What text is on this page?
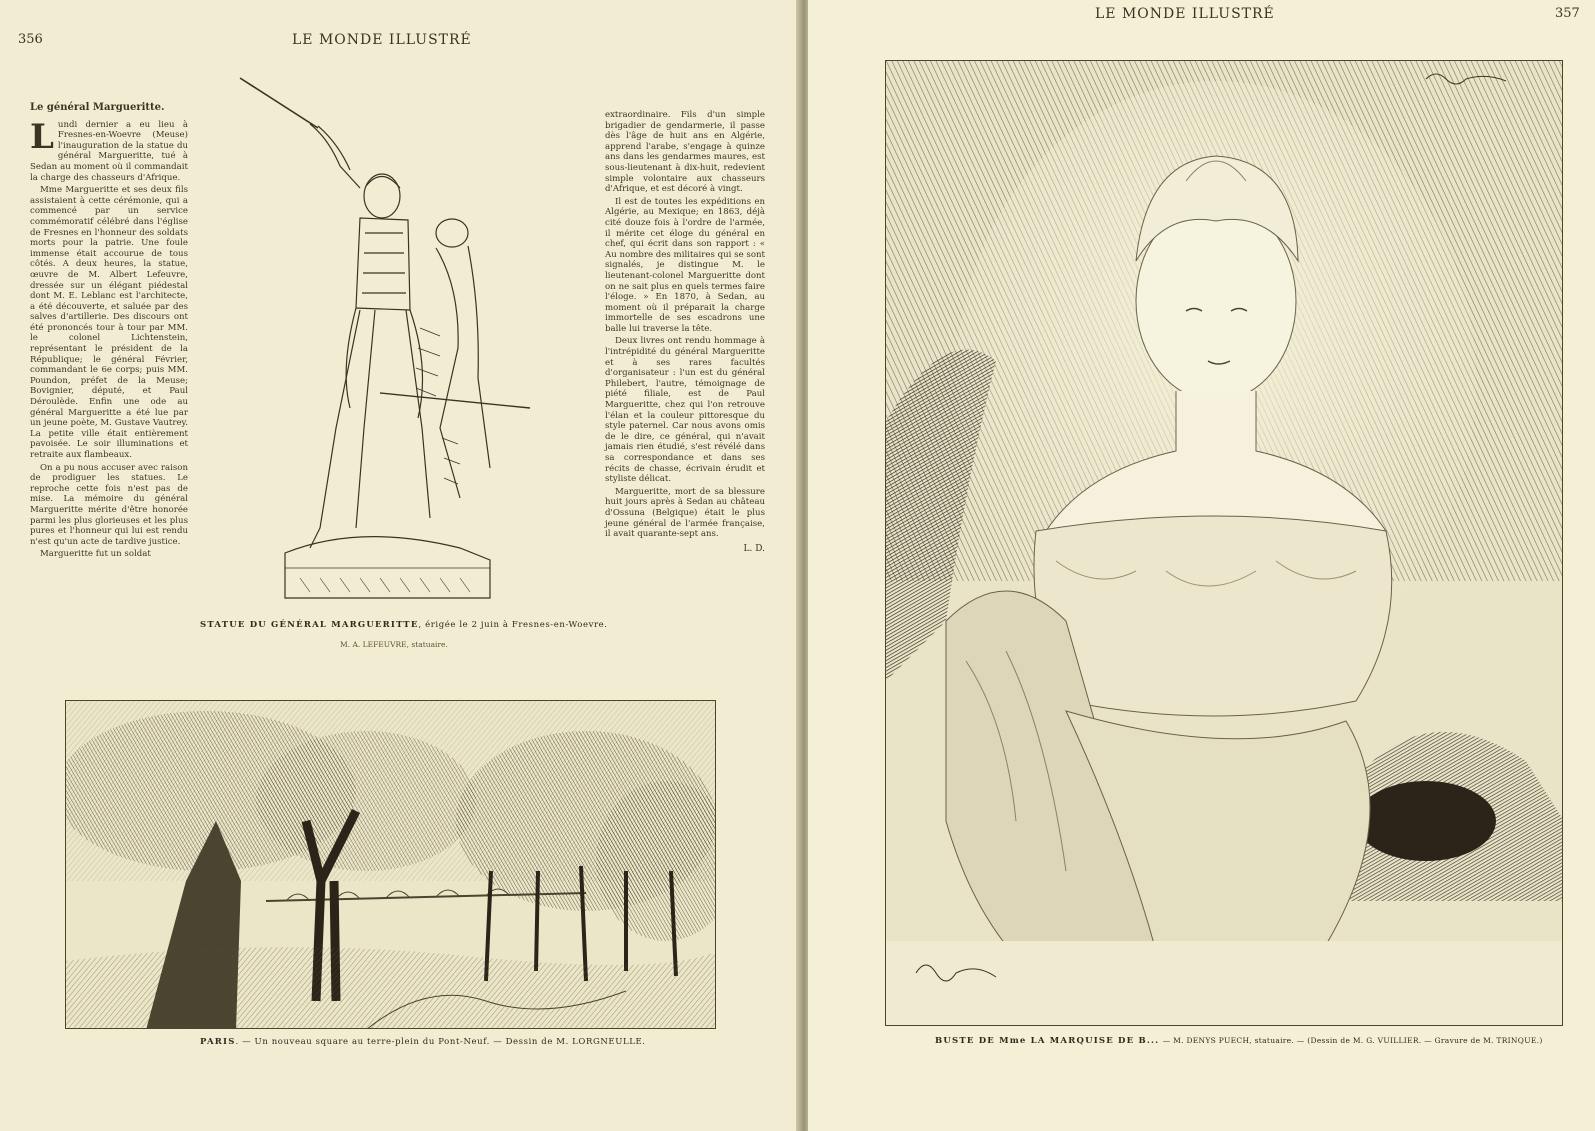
356	LE MONDE ILLUSTRÉ
Le général Margueritte.
L undi dernier a eu lieu à Fresnes-en-Woevre (Meuse) l'inauguration de la statue du général Margueritte, tué à Sedan au moment où il commandait la charge des chasseurs d'Afrique.

Mme Margueritte et ses deux fils assistaient à cette cérémonie, qui a commencé par un service commémoratif célébré dans l'église de Fresnes en l'honneur des soldats morts pour la patrie. Une foule immense était accourue de tous côtés. A deux heures, la statue, œuvre de M. Albert Lefeuvre, dressée sur un élégant piédestal dont M. E. Leblanc est l'architecte, a été découverte, et saluée par des salves d'artillerie. Des discours ont été prononcés tour à tour par MM. le colonel Lichtenstein, représentant le président de la République; le général Février, commandant le 6e corps; puis MM. Poundon, préfet de la Meuse; Bovignier, député, et Paul Déroulède. Enfin une ode au général Margueritte a été lue par un jeune poète, M. Gustave Vautrey. La petite ville était entièrement pavoisée. Le soir illuminations et retraite aux flambeaux.

On a pu nous accuser avec raison de prodiguer les statues. Le reproche cette fois n'est pas de mise. La mémoire du général Margueritte mérite d'être honorée parmi les plus glorieuses et les plus pures et l'honneur qui lui est rendu n'est qu'un acte de tardive justice.

Margueritte fut un soldat

extraordinaire. Fils d'un simple brigadier de gendarmerie, il passe dès l'âge de huit ans en Algérie, apprend l'arabe, s'engage à quinze ans dans les gendarmes maures, est sous-lieutenant à dix-huit, redevient simple volontaire aux chasseurs d'Afrique, et est décoré à vingt.

Il est de toutes les expéditions en Algérie, au Mexique; en 1863, déjà cité douze fois à l'ordre de l'armée, il mérite cet éloge du général en chef, qui écrit dans son rapport : « Au nombre des militaires qui se sont signalés, je distingue M. le lieutenant-colonel Margueritte dont on ne sait plus en quels termes faire l'éloge. » En 1870, à Sedan, au moment où il préparait la charge immortelle de ses escadrons une balle lui traverse la tête.

Deux livres ont rendu hommage à l'intrépidité du général Margueritte et à ses rares facultés d'organisateur : l'un est du général Philebert, l'autre, témoignage de piété filiale, est de Paul Margueritte, chez qui l'on retrouve l'élan et la couleur pittoresque du style paternel. Car nous avons omis de le dire, ce général, qui n'avait jamais rien étudié, s'est révélé dans sa correspondance et dans ses récits de chasse, écrivain érudit et styliste délicat.

Margueritte, mort de sa blessure huit jours après à Sedan au château d'Ossuna (Belgique) était le plus jeune général de l'armée française, il avait quarante-sept ans.

L. D.
STATUE DU GÉNÉRAL MARGUERITTE, érigée le 2 juin à Fresnes-en-Woevre.
M. A. LEFEUVRE, statuaire.
PARIS. — Un nouveau square au terre-plein du Pont-Neuf. — Dessin de M. LORGNEULLE.
LE MONDE ILLUSTRÉ	357
BUSTE DE Mme LA MARQUISE DE B... — M. DENYS PUECH, statuaire. — (Dessin de M. G. VUILLIER. — Gravure de M. TRINQUE.)
